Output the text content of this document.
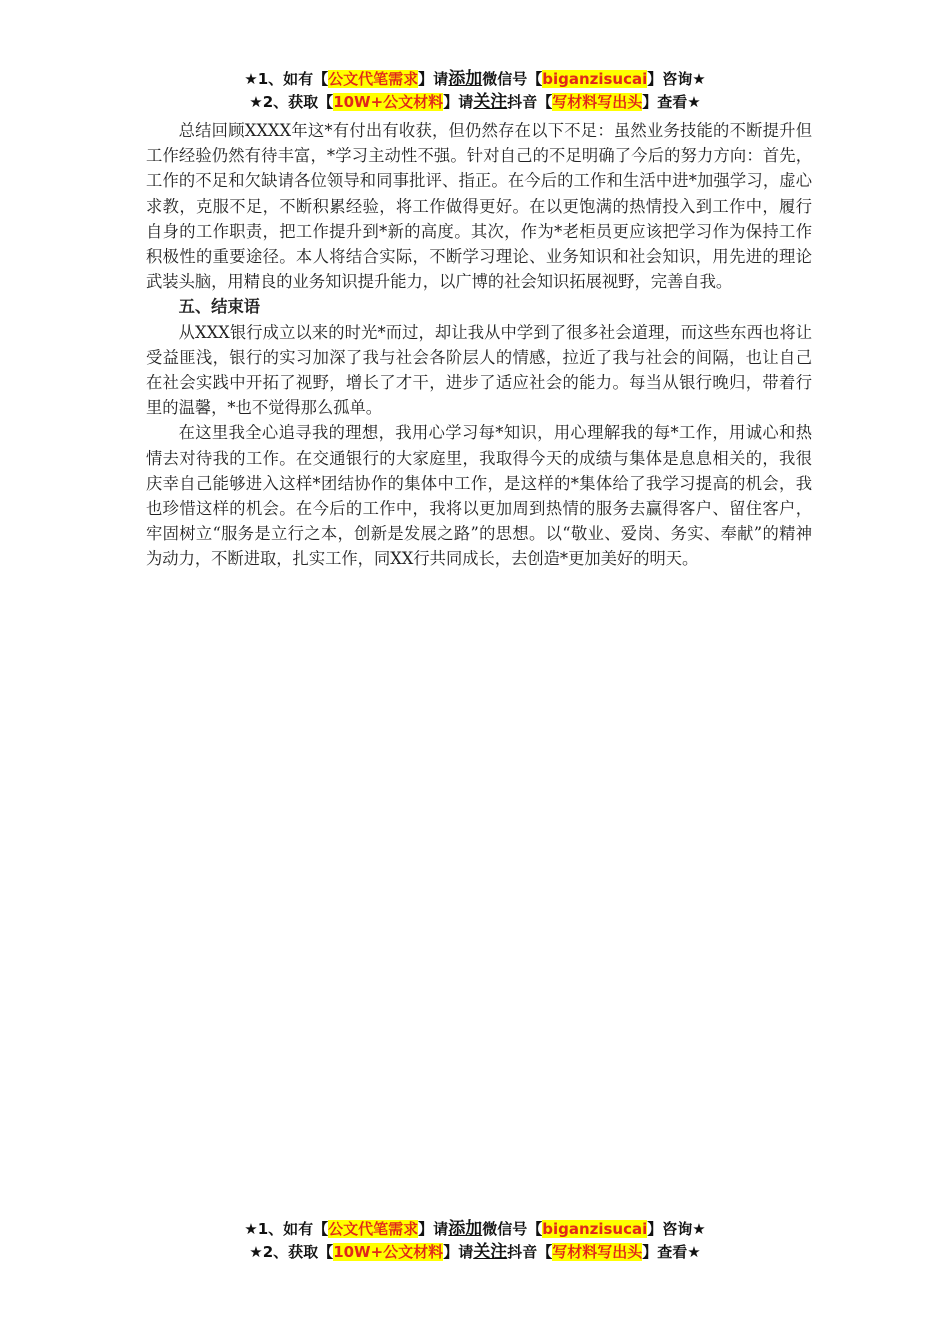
★1、如有【公文代笔需求】请添加微信号【biganzisucai】咨询★
★2、获取【10W+公文材料】请关注抖音【写材料写出头】查看★

总结回顾XXXX年这*有付出有收获，但仍然存在以下不足：虽然业务技能的不断提升但工作经验仍然有待丰富，*学习主动性不强。针对自己的不足明确了今后的努力方向：首先，工作的不足和欠缺请各位领导和同事批评、指正。在今后的工作和生活中进*加强学习，虚心求教，克服不足，不断积累经验，将工作做得更好。在以更饱满的热情投入到工作中，履行自身的工作职责，把工作提升到*新的高度。其次，作为*老柜员更应该把学习作为保持工作积极性的重要途径。本人将结合实际，不断学习理论、业务知识和社会知识，用先进的理论武装头脑，用精良的业务知识提升能力，以广博的社会知识拓展视野，完善自我。

五、结束语

从XXX银行成立以来的时光*而过，却让我从中学到了很多社会道理，而这些东西也将让受益匪浅，银行的实习加深了我与社会各阶层人的情感，拉近了我与社会的间隔，也让自己在社会实践中开拓了视野，增长了才干，进步了适应社会的能力。每当从银行晚归，带着行里的温馨，*也不觉得那么孤单。

在这里我全心追寻我的理想，我用心学习每*知识，用心理解我的每*工作，用诚心和热情去对待我的工作。在交通银行的大家庭里，我取得今天的成绩与集体是息息相关的，我很庆幸自己能够进入这样*团结协作的集体中工作，是这样的*集体给了我学习提高的机会，我也珍惜这样的机会。在今后的工作中，我将以更加周到热情的服务去赢得客户、留住客户，牢固树立“服务是立行之本，创新是发展之路”的思想。以“敬业、爱岗、务实、奉献”的精神为动力，不断进取，扎实工作，同XX行共同成长，去创造*更加美好的明天。

★1、如有【公文代笔需求】请添加微信号【biganzisucai】咨询★
★2、获取【10W+公文材料】请关注抖音【写材料写出头】查看★
